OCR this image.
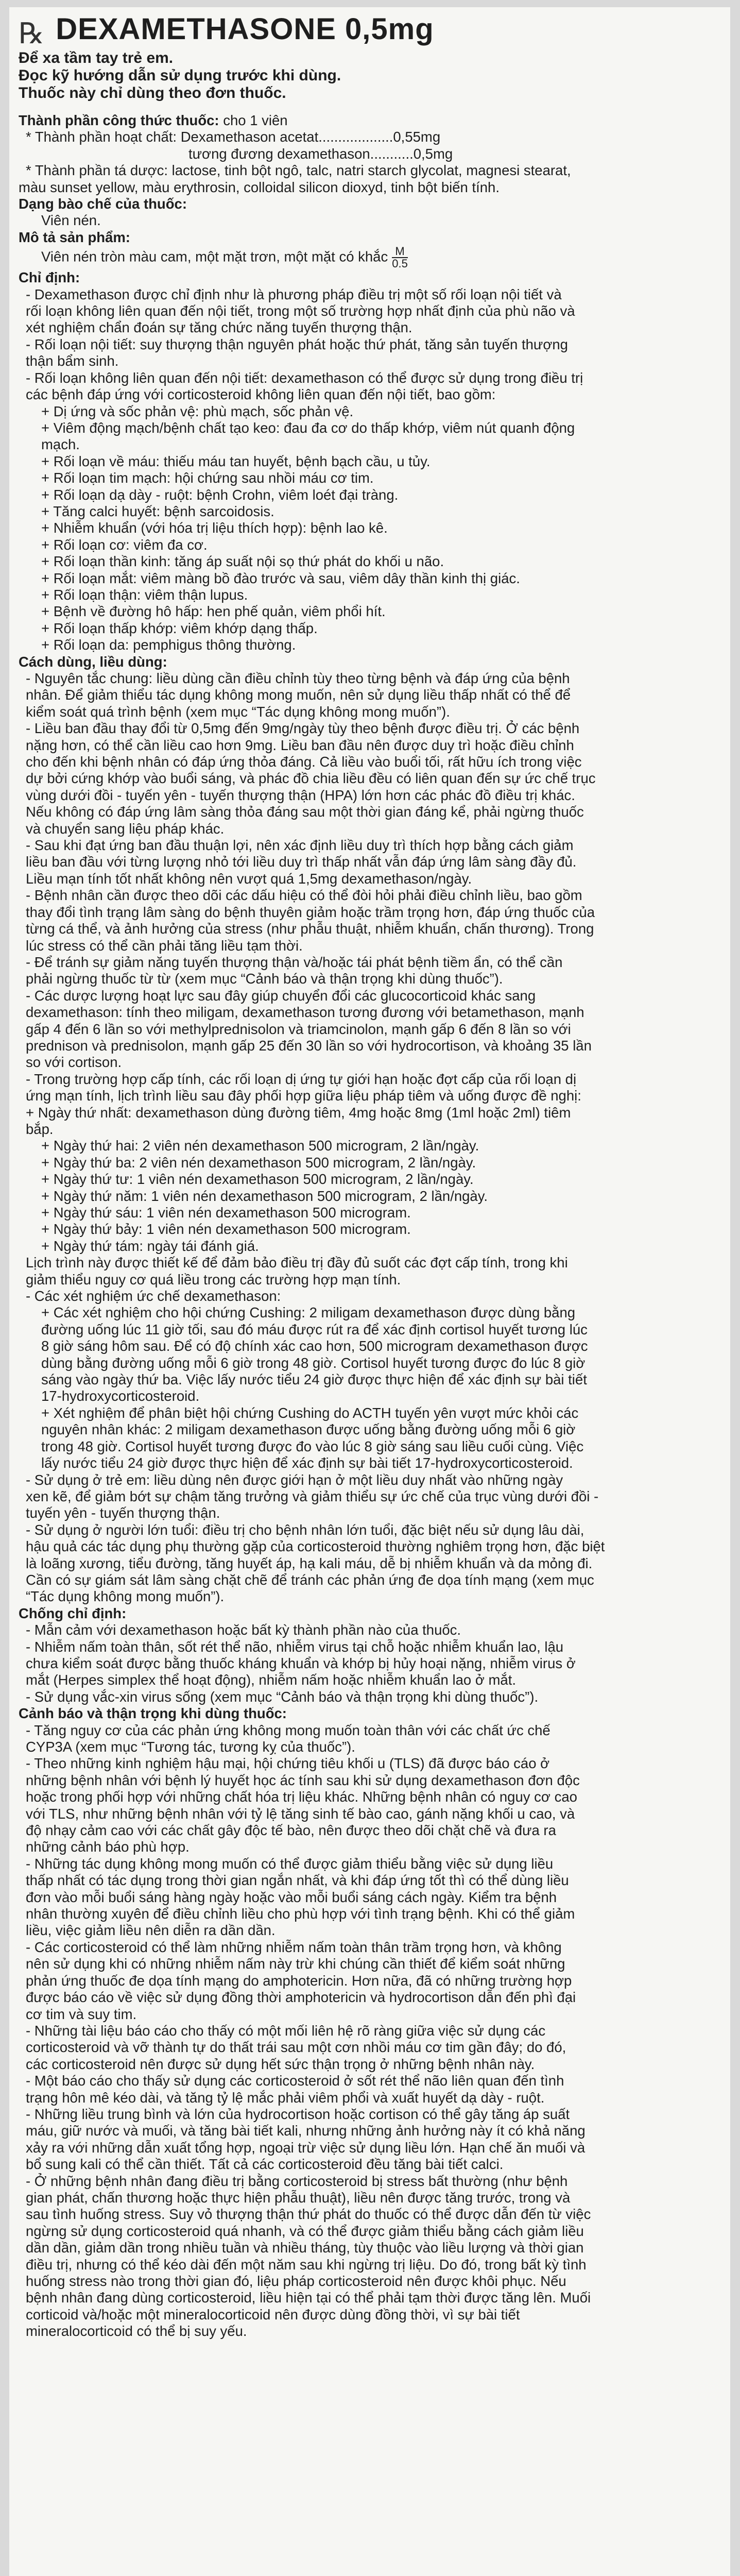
℞ DEXAMETHASONE 0,5mg
Để xa tầm tay trẻ em.
Đọc kỹ hướng dẫn sử dụng trước khi dùng.
Thuốc này chỉ dùng theo đơn thuốc.
Thành phần công thức thuốc: cho 1 viên
* Thành phần hoạt chất: Dexamethason acetat...................0,55mg
tương đương dexamethason...........0,5mg
* Thành phần tá dược: lactose, tinh bột ngô, talc, natri starch glycolat, magnesi stearat,
màu sunset yellow, màu erythrosin, colloidal silicon dioxyd, tinh bột biến tính.
Dạng bào chế của thuốc:
Viên nén.
Mô tả sản phẩm:
Viên nén tròn màu cam, một mặt trơn, một mặt có khắc $\frac{M}{0.5}$
Chỉ định:
- Dexamethason được chỉ định như là phương pháp điều trị một số rối loạn nội tiết và
rối loạn không liên quan đến nội tiết, trong một số trường hợp nhất định của phù não và
xét nghiệm chẩn đoán sự tăng chức năng tuyến thượng thận.
- Rối loạn nội tiết: suy thượng thận nguyên phát hoặc thứ phát, tăng sản tuyến thượng
thận bẩm sinh.
- Rối loạn không liên quan đến nội tiết: dexamethason có thể được sử dụng trong điều trị
các bệnh đáp ứng với corticosteroid không liên quan đến nội tiết, bao gồm:
+ Dị ứng và sốc phản vệ: phù mạch, sốc phản vệ.
+ Viêm động mạch/bệnh chất tạo keo: đau đa cơ do thấp khớp, viêm nút quanh động
mạch.
+ Rối loạn về máu: thiếu máu tan huyết, bệnh bạch cầu, u tủy.
+ Rối loạn tim mạch: hội chứng sau nhồi máu cơ tim.
+ Rối loạn dạ dày - ruột: bệnh Crohn, viêm loét đại tràng.
+ Tăng calci huyết: bệnh sarcoidosis.
+ Nhiễm khuẩn (với hóa trị liệu thích hợp): bệnh lao kê.
+ Rối loạn cơ: viêm đa cơ.
+ Rối loạn thần kinh: tăng áp suất nội sọ thứ phát do khối u não.
+ Rối loạn mắt: viêm màng bồ đào trước và sau, viêm dây thần kinh thị giác.
+ Rối loạn thận: viêm thận lupus.
+ Bệnh về đường hô hấp: hen phế quản, viêm phổi hít.
+ Rối loạn thấp khớp: viêm khớp dạng thấp.
+ Rối loạn da: pemphigus thông thường.
Cách dùng, liều dùng:
- Nguyên tắc chung: liều dùng cần điều chỉnh tùy theo từng bệnh và đáp ứng của bệnh
nhân. Để giảm thiểu tác dụng không mong muốn, nên sử dụng liều thấp nhất có thể để
kiểm soát quá trình bệnh (xem mục “Tác dụng không mong muốn”).
- Liều ban đầu thay đổi từ 0,5mg đến 9mg/ngày tùy theo bệnh được điều trị. Ở các bệnh
nặng hơn, có thể cần liều cao hơn 9mg. Liều ban đầu nên được duy trì hoặc điều chỉnh
cho đến khi bệnh nhân có đáp ứng thỏa đáng. Cả liều vào buổi tối, rất hữu ích trong việc
dự bởi cứng khớp vào buổi sáng, và phác đồ chia liều đều có liên quan đến sự ức chế trục
vùng dưới đồi - tuyến yên - tuyến thượng thận (HPA) lớn hơn các phác đồ điều trị khác.
Nếu không có đáp ứng lâm sàng thỏa đáng sau một thời gian đáng kể, phải ngừng thuốc
và chuyển sang liệu pháp khác.
- Sau khi đạt ứng ban đầu thuận lợi, nên xác định liều duy trì thích hợp bằng cách giảm
liều ban đầu với từng lượng nhỏ tới liều duy trì thấp nhất vẫn đáp ứng lâm sàng đầy đủ.
Liều mạn tính tốt nhất không nên vượt quá 1,5mg dexamethason/ngày.
- Bệnh nhân cần được theo dõi các dấu hiệu có thể đòi hỏi phải điều chỉnh liều, bao gồm
thay đổi tình trạng lâm sàng do bệnh thuyên giảm hoặc trầm trọng hơn, đáp ứng thuốc của
từng cá thể, và ảnh hưởng của stress (như phẫu thuật, nhiễm khuẩn, chấn thương). Trong
lúc stress có thể cần phải tăng liều tạm thời.
- Để tránh sự giảm năng tuyến thượng thận và/hoặc tái phát bệnh tiềm ẩn, có thể cần
phải ngừng thuốc từ từ (xem mục “Cảnh báo và thận trọng khi dùng thuốc”).
- Các dược lượng hoạt lực sau đây giúp chuyển đổi các glucocorticoid khác sang
dexamethason: tính theo miligam, dexamethason tương đương với betamethason, mạnh
gấp 4 đến 6 lần so với methylprednisolon và triamcinolon, mạnh gấp 6 đến 8 lần so với
prednison và prednisolon, mạnh gấp 25 đến 30 lần so với hydrocortison, và khoảng 35 lần
so với cortison.
- Trong trường hợp cấp tính, các rối loạn dị ứng tự giới hạn hoặc đợt cấp của rối loạn dị
ứng mạn tính, lịch trình liều sau đây phối hợp giữa liệu pháp tiêm và uống được đề nghị:
+ Ngày thứ nhất: dexamethason dùng đường tiêm, 4mg hoặc 8mg (1ml hoặc 2ml) tiêm
bắp.
+ Ngày thứ hai: 2 viên nén dexamethason 500 microgram, 2 lần/ngày.
+ Ngày thứ ba: 2 viên nén dexamethason 500 microgram, 2 lần/ngày.
+ Ngày thứ tư: 1 viên nén dexamethason 500 microgram, 2 lần/ngày.
+ Ngày thứ năm: 1 viên nén dexamethason 500 microgram, 2 lần/ngày.
+ Ngày thứ sáu: 1 viên nén dexamethason 500 microgram.
+ Ngày thứ bảy: 1 viên nén dexamethason 500 microgram.
+ Ngày thứ tám: ngày tái đánh giá.
Lịch trình này được thiết kế để đảm bảo điều trị đầy đủ suốt các đợt cấp tính, trong khi
giảm thiểu nguy cơ quá liều trong các trường hợp mạn tính.
- Các xét nghiệm ức chế dexamethason:
+ Các xét nghiệm cho hội chứng Cushing: 2 miligam dexamethason được dùng bằng
đường uống lúc 11 giờ tối, sau đó máu được rút ra để xác định cortisol huyết tương lúc
8 giờ sáng hôm sau. Để có độ chính xác cao hơn, 500 microgram dexamethason được
dùng bằng đường uống mỗi 6 giờ trong 48 giờ. Cortisol huyết tương được đo lúc 8 giờ
sáng vào ngày thứ ba. Việc lấy nước tiểu 24 giờ được thực hiện để xác định sự bài tiết
17-hydroxycorticosteroid.
+ Xét nghiệm để phân biệt hội chứng Cushing do ACTH tuyến yên vượt mức khỏi các
nguyên nhân khác: 2 miligam dexamethason được uống bằng đường uống mỗi 6 giờ
trong 48 giờ. Cortisol huyết tương được đo vào lúc 8 giờ sáng sau liều cuối cùng. Việc
lấy nước tiểu 24 giờ được thực hiện để xác định sự bài tiết 17-hydroxycorticosteroid.
- Sử dụng ở trẻ em: liều dùng nên được giới hạn ở một liều duy nhất vào những ngày
xen kẽ, để giảm bớt sự chậm tăng trưởng và giảm thiểu sự ức chế của trục vùng dưới đồi -
tuyến yên - tuyến thượng thận.
- Sử dụng ở người lớn tuổi: điều trị cho bệnh nhân lớn tuổi, đặc biệt nếu sử dụng lâu dài,
hậu quả các tác dụng phụ thường gặp của corticosteroid thường nghiêm trọng hơn, đặc biệt
là loãng xương, tiểu đường, tăng huyết áp, hạ kali máu, dễ bị nhiễm khuẩn và da mỏng đi.
Cần có sự giám sát lâm sàng chặt chẽ để tránh các phản ứng đe dọa tính mạng (xem mục
“Tác dụng không mong muốn”).
Chống chỉ định:
- Mẫn cảm với dexamethason hoặc bất kỳ thành phần nào của thuốc.
- Nhiễm nấm toàn thân, sốt rét thể não, nhiễm virus tại chỗ hoặc nhiễm khuẩn lao, lậu
chưa kiểm soát được bằng thuốc kháng khuẩn và khớp bị hủy hoại nặng, nhiễm virus ở
mắt (Herpes simplex thể hoạt động), nhiễm nấm hoặc nhiễm khuẩn lao ở mắt.
- Sử dụng vắc-xin virus sống (xem mục “Cảnh báo và thận trọng khi dùng thuốc”).
Cảnh báo và thận trọng khi dùng thuốc:
- Tăng nguy cơ của các phản ứng không mong muốn toàn thân với các chất ức chế
CYP3A (xem mục “Tương tác, tương kỵ của thuốc”).
- Theo những kinh nghiệm hậu mại, hội chứng tiêu khối u (TLS) đã được báo cáo ở
những bệnh nhân với bệnh lý huyết học ác tính sau khi sử dụng dexamethason đơn độc
hoặc trong phối hợp với những chất hóa trị liệu khác. Những bệnh nhân có nguy cơ cao
với TLS, như những bệnh nhân với tỷ lệ tăng sinh tế bào cao, gánh nặng khối u cao, và
độ nhạy cảm cao với các chất gây độc tế bào, nên được theo dõi chặt chẽ và đưa ra
những cảnh báo phù hợp.
- Những tác dụng không mong muốn có thể được giảm thiểu bằng việc sử dụng liều
thấp nhất có tác dụng trong thời gian ngắn nhất, và khi đáp ứng tốt thì có thể dùng liều
đơn vào mỗi buổi sáng hàng ngày hoặc vào mỗi buổi sáng cách ngày. Kiểm tra bệnh
nhân thường xuyên để điều chỉnh liều cho phù hợp với tình trạng bệnh. Khi có thể giảm
liều, việc giảm liều nên diễn ra dần dần.
- Các corticosteroid có thể làm những nhiễm nấm toàn thân trầm trọng hơn, và không
nên sử dụng khi có những nhiễm nấm này trừ khi chúng cần thiết để kiểm soát những
phản ứng thuốc đe dọa tính mạng do amphotericin. Hơn nữa, đã có những trường hợp
được báo cáo về việc sử dụng đồng thời amphotericin và hydrocortison dẫn đến phì đại
cơ tim và suy tim.
- Những tài liệu báo cáo cho thấy có một mối liên hệ rõ ràng giữa việc sử dụng các
corticosteroid và vỡ thành tự do thất trái sau một cơn nhồi máu cơ tim gần đây; do đó,
các corticosteroid nên được sử dụng hết sức thận trọng ở những bệnh nhân này.
- Một báo cáo cho thấy sử dụng các corticosteroid ở sốt rét thể não liên quan đến tình
trạng hôn mê kéo dài, và tăng tỷ lệ mắc phải viêm phổi và xuất huyết dạ dày - ruột.
- Những liều trung bình và lớn của hydrocortison hoặc cortison có thể gây tăng áp suất
máu, giữ nước và muối, và tăng bài tiết kali, nhưng những ảnh hưởng này ít có khả năng
xảy ra với những dẫn xuất tổng hợp, ngoại trừ việc sử dụng liều lớn. Hạn chế ăn muối và
bổ sung kali có thể cần thiết. Tất cả các corticosteroid đều tăng bài tiết calci.
- Ở những bệnh nhân đang điều trị bằng corticosteroid bị stress bất thường (như bệnh
gian phát, chấn thương hoặc thực hiện phẫu thuật), liều nên được tăng trước, trong và
sau tình huống stress. Suy vỏ thượng thận thứ phát do thuốc có thể được dẫn đến từ việc
ngừng sử dụng corticosteroid quá nhanh, và có thể được giảm thiểu bằng cách giảm liều
dần dần, giảm dần trong nhiều tuần và nhiều tháng, tùy thuộc vào liều lượng và thời gian
điều trị, nhưng có thể kéo dài đến một năm sau khi ngừng trị liệu. Do đó, trong bất kỳ tình
huống stress nào trong thời gian đó, liệu pháp corticosteroid nên được khôi phục. Nếu
bệnh nhân đang dùng corticosteroid, liều hiện tại có thể phải tạm thời được tăng lên. Muối
corticoid và/hoặc một mineralocorticoid nên được dùng đồng thời, vì sự bài tiết
mineralocorticoid có thể bị suy yếu.
